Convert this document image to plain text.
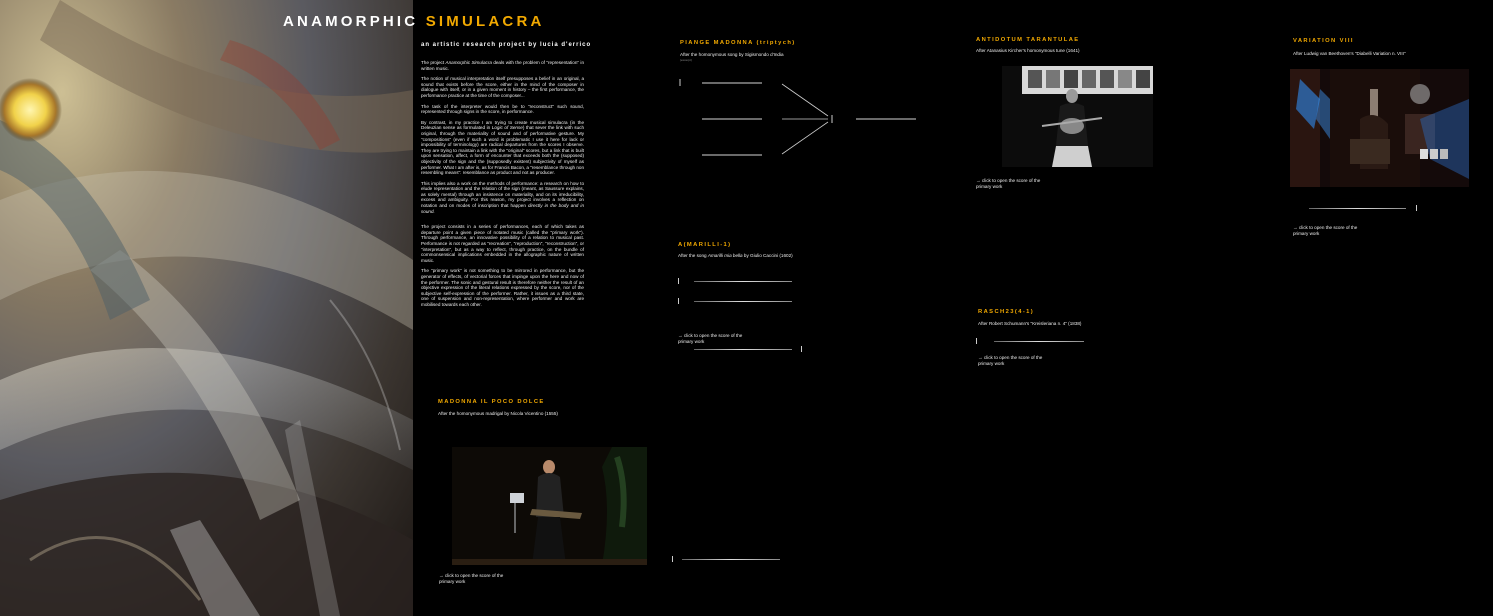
ANAMORPHIC SIMULACRA
an artistic research project by lucia d'errico

The project Anamorphic Simulacra deals with the problem of "representation" in written music.

The notion of musical interpretation itself presupposes a belief in an original, a sound that exists before the score, either in the mind of the composer in dialogue with itself, or in a given moment in history – the first performance, the performance practice at the time of the composer...

The task of the interpreter would then be to "reconstruct" such sound, represented through signs in the score, in performance.

By contrast, in my practice I am trying to create musical simulacra (in the Deleuzian sense as formulated in Logic of Sense) that sever the link with such original, through the materiality of sound and of performative gesture. My "compositions" (even if such a word is problematic I use it here for lack or impossibility of terminology) are radical departures from the scores I observe. They are trying to maintain a link with the "original" scores, but a link that is built upon sensation, affect, a form of encounter that exceeds both the (supposed) objectivity of the sign and the (supposedly existent) subjectivity of myself as performer. What I am after is, as for Francis Bacon, a "resemblance through non resembling means": resemblance as product and not as producer.

This implies also a work on the methods of performance: a research on how to elude representation and the relation of the sign (meant, as Saussure explains, as solely mental) through an insistence on materiality, and on its irreducibility, excess and ambiguity. For this reason, my project involves a reflection on notation and on modes of inscription that happen directly in the body and in sound.

The project consists in a series of performances, each of which takes as departure point a given piece of notated music (called the "primary work"). Through performance, an innovative possibility of a relation to musical past. Performance is not regarded as "recreation", "reproduction", "reconstruction", or "interpretation", but as a way to reflect, through practice, on the bundle of commonsensical implications embedded in the allographic nature of written music.

The "primary work" is not something to be mirrored in performance, but the generator of effects, of vectorial forces that impinge upon the here and now of the performer. The sonic and gestural result is therefore neither the result of an objective expression of the literal relations expressed by the score, nor of the subjective self-expression of the performer. Rather, it issues as a third state, one of suspension and non-representation, where performer and work are mobilised towards each other.

PIANGE MADONNA (triptych)
After the homonymous song by Sigismondo d'India
(excerpt)
A(MARILLI-1)
After the song Amarilli mia bella by Giulio Caccini (1602)
→ click to open the score of the primary work
MADONNA IL POCO DOLCE
After the homonymous madrigal by Nicola Vicentino (1555)
→ click to open the score of the primary work
ANTIDOTUM TARANTULAE
After Atanasius Kircher's homonymous tune (1641)
→ click to open the score of the primary work
RASCH23(4-1)
After Robert Schumann's "Kreisleriana n. 4" (1838)
→ click to open the score of the primary work
VARIATION VIII
After Ludwig van Beethoven's "Diabelli Variation n. VIII"
→ click to open the score of the primary work
